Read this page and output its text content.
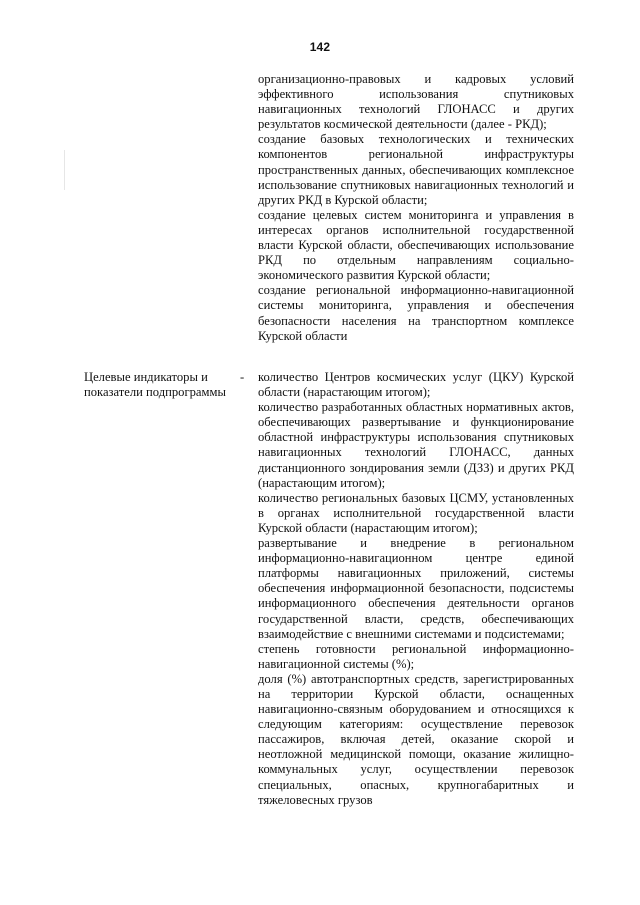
142

организационно-правовых и кадровых условий эффективного использования спутниковых навигационных технологий ГЛОНАСС и других результатов космической деятельности (далее - РКД);

создание базовых технологических и технических компонентов региональной инфраструктуры пространственных данных, обеспечивающих комплексное использование спутниковых навигационных технологий и других РКД в Курской области;

создание целевых систем мониторинга и управления в интересах органов исполнительной государственной власти Курской области, обеспечивающих использование РКД по отдельным направлениям социально-экономического развития Курской области;

создание региональной информационно-навигационной системы мониторинга, управления и обеспечения безопасности населения на транспортном комплексе Курской области

Целевые индикаторы и показатели подпрограммы
- количество Центров космических услуг (ЦКУ) Курской области (нарастающим итогом);

количество разработанных областных нормативных актов, обеспечивающих развертывание и функционирование областной инфраструктуры использования спутниковых навигационных технологий ГЛОНАСС, данных дистанционного зондирования земли (ДЗЗ) и других РКД (нарастающим итогом);

количество региональных базовых ЦСМУ, установленных в органах исполнительной государственной власти Курской области (нарастающим итогом);

развертывание и внедрение в региональном информационно-навигационном центре единой платформы навигационных приложений, системы обеспечения информационной безопасности, подсистемы информационного обеспечения деятельности органов государственной власти, средств, обеспечивающих взаимодействие с внешними системами и подсистемами;

степень готовности региональной информационно-навигационной системы (%);

доля (%) автотранспортных средств, зарегистрированных на территории Курской области, оснащенных навигационно-связным оборудованием и относящихся к следующим категориям: осуществление перевозок пассажиров, включая детей, оказание скорой и неотложной медицинской помощи, оказание жилищно-коммунальных услуг, осуществлении перевозок специальных, опасных, крупногабаритных и тяжеловесных грузов
